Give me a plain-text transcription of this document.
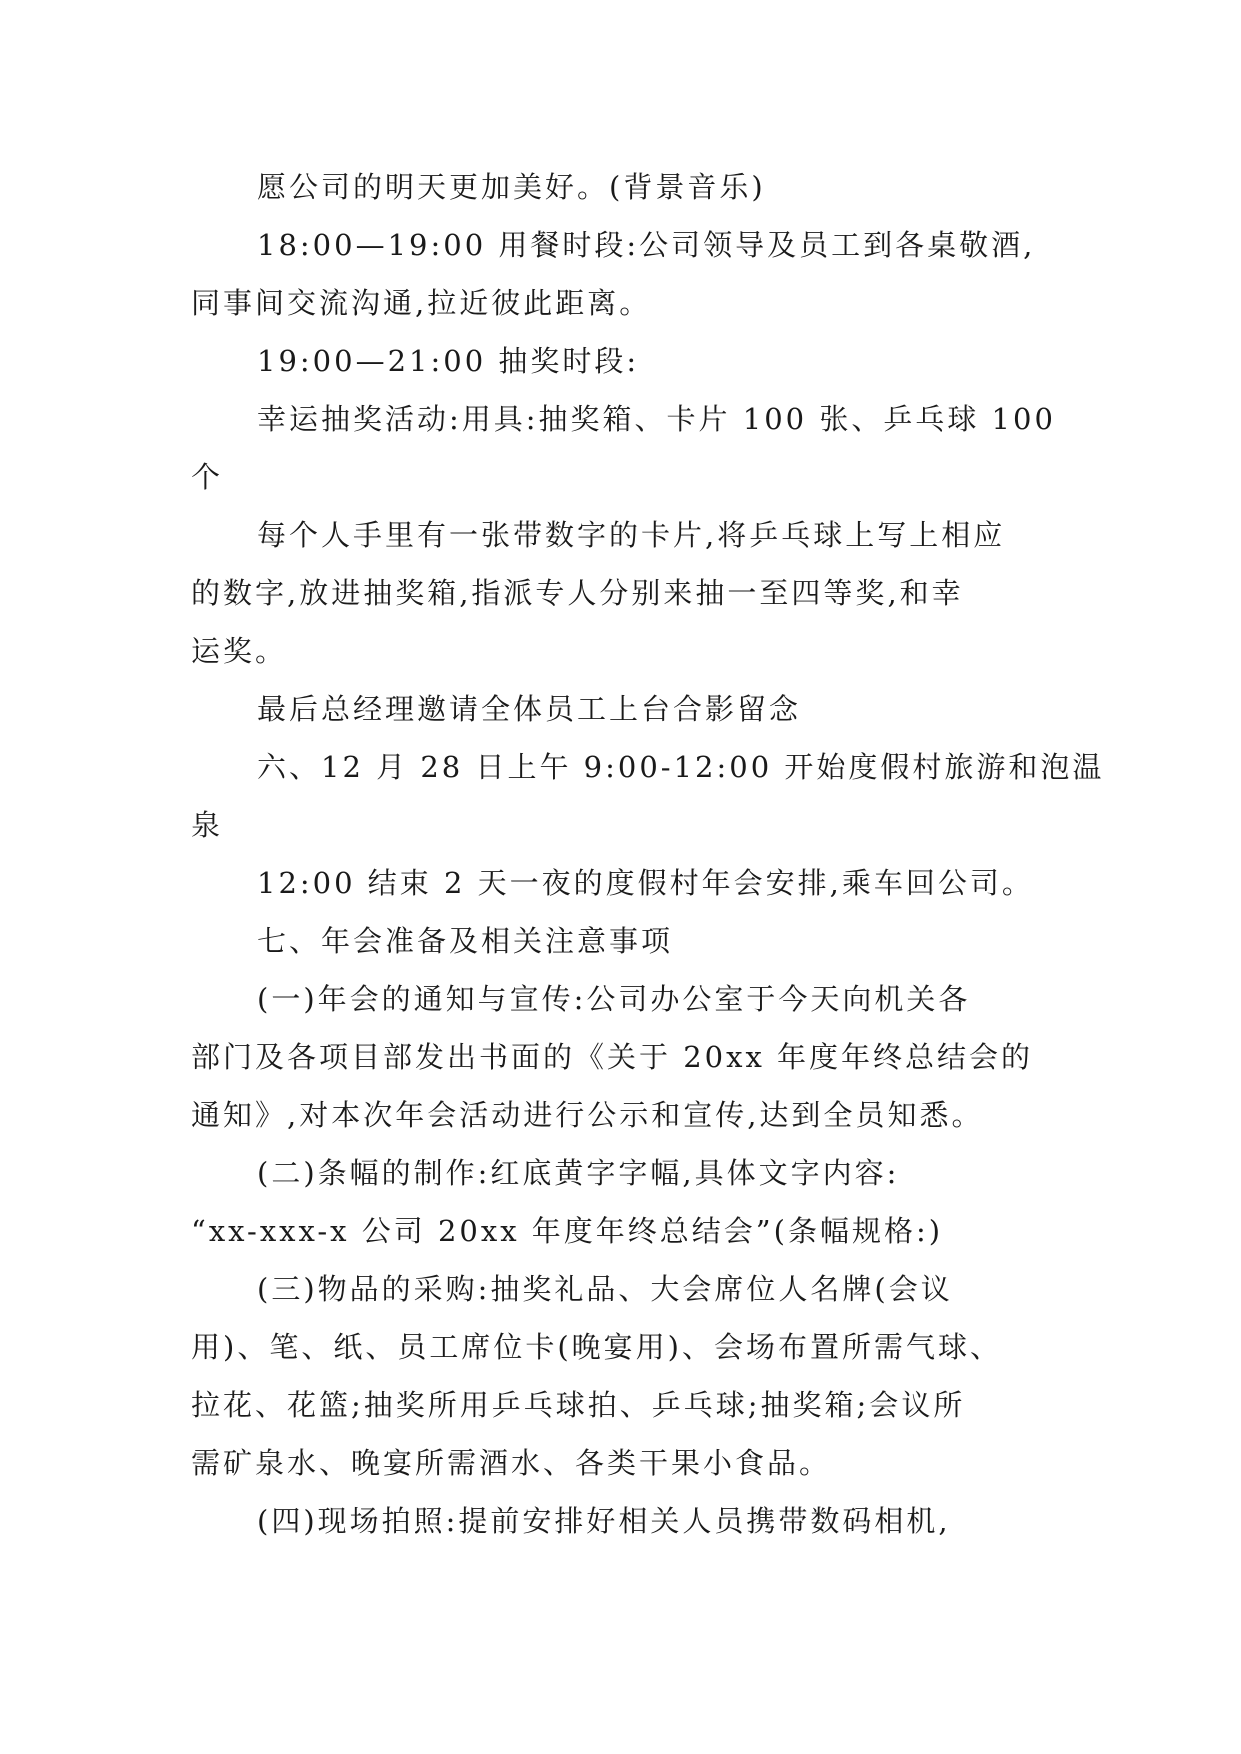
愿公司的明天更加美好。(背景音乐)
18:00—19:00 用餐时段:公司领导及员工到各桌敬酒,
同事间交流沟通,拉近彼此距离。
19:00—21:00 抽奖时段:
幸运抽奖活动:用具:抽奖箱、卡片 100 张、乒乓球 100
个
每个人手里有一张带数字的卡片,将乒乓球上写上相应
的数字,放进抽奖箱,指派专人分别来抽一至四等奖,和幸
运奖。
最后总经理邀请全体员工上台合影留念
六、12 月 28 日上午 9:00-12:00 开始度假村旅游和泡温
泉
12:00 结束 2 天一夜的度假村年会安排,乘车回公司。
七、年会准备及相关注意事项
(一)年会的通知与宣传:公司办公室于今天向机关各
部门及各项目部发出书面的《关于 20xx 年度年终总结会的
通知》,对本次年会活动进行公示和宣传,达到全员知悉。
(二)条幅的制作:红底黄字字幅,具体文字内容:
“xx-xxx-x 公司 20xx 年度年终总结会”(条幅规格:)
(三)物品的采购:抽奖礼品、大会席位人名牌(会议
用)、笔、纸、员工席位卡(晚宴用)、会场布置所需气球、
拉花、花篮;抽奖所用乒乓球拍、乒乓球;抽奖箱;会议所
需矿泉水、晚宴所需酒水、各类干果小食品。
(四)现场拍照:提前安排好相关人员携带数码相机,
